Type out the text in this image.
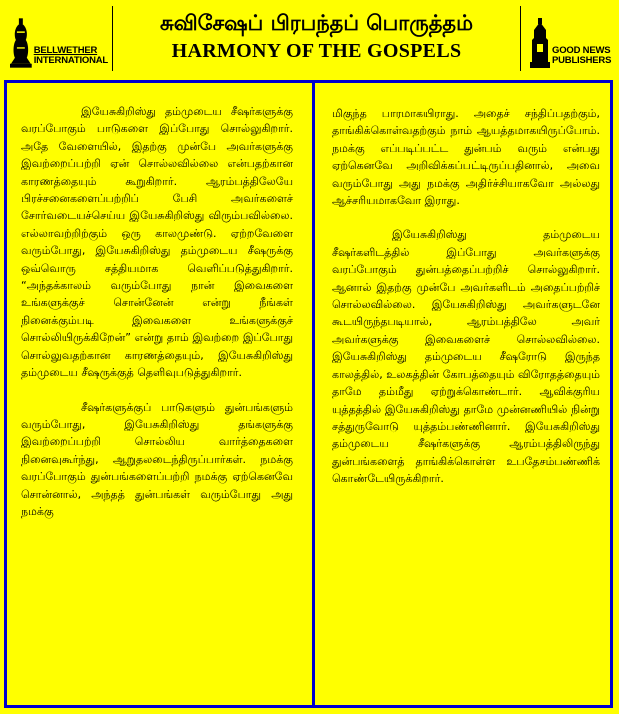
BELLWETHER
INTERNATIONAL
சுவிசேஷப் பிரபந்தப் பொருத்தம்
HARMONY OF THE GOSPELS	GOOD NEWS
PUBLISHERS

இயேசுகிறிஸ்து தம்முடைய சீஷர்களுக்கு வரப்போகும் பாடுகளை இப்போது சொல்லுகிறார். அதே வேளையில், இதற்கு முன்பே அவர்களுக்கு இவற்றைப்பற்றி ஏன் சொல்லவில்லை என்பதற்கான காரணத்தையும் கூறுகிறார். ஆரம்பத்திலேயே பிரச்சனைகளைப்பற்றிப் பேசி அவர்களைச் சோர்வடையச்செய்ய இயேசுகிறிஸ்து விரும்பவில்லை. எல்லாவற்றிற்கும் ஒரு காலமுண்டு. ஏற்றவேளை வரும்போது, இயேசுகிறிஸ்து தம்முடைய சீஷருக்கு ஒவ்வொரு சத்தியமாக வெளிப்படுத்துகிறார். “அந்தக்காலம் வரும்போது நான் இவைகளை உங்களுக்குச் சொன்னேன் என்று நீங்கள் நினைக்கும்படி இவைகளை உங்களுக்குச் சொல்லியிருக்கிறேன்” என்று தாம் இவற்றை இப்போது சொல்லுவதற்கான காரணத்தையும், இயேசுகிறிஸ்து தம்முடைய சீஷருக்குத் தெளிவுபடுத்துகிறார்.

சீஷர்களுக்குப் பாடுகளும் துன்பங்களும் வரும்போது, இயேசுகிறிஸ்து தங்களுக்கு இவற்றைப்பற்றி சொல்லிய வார்த்தைகளை நினைவுகூர்ந்து, ஆறுதலடைந்திருப்பார்கள். நமக்கு வரப்போகும் துன்பங்களைப்பற்றி நமக்கு ஏற்கெனவே சொன்னால், அந்தத் துன்பங்கள் வரும்போது அது நமக்கு

மிகுந்த பாரமாகயிராது. அதைச் சந்திப்பதற்கும், தாங்கிக்கொள்வதற்கும் நாம் ஆயத்தமாகயிருப்போம். நமக்கு எப்படிப்பட்ட துன்பம் வரும் என்பது ஏற்கெனவே அறிவிக்கப்பட்டிருப்பதினால், அவை வரும்போது அது நமக்கு அதிர்ச்சியாகவோ அல்லது ஆச்சரியமாகவோ இராது.

இயேசுகிறிஸ்து தம்முடைய சீஷர்களிடத்தில் இப்போது அவர்களுக்கு வரப்போகும் துன்பத்தைப்பற்றிச் சொல்லுகிறார். ஆனால் இதற்கு முன்பே அவர்களிடம் அதைப்பற்றிச் சொல்லவில்லை. இயேசுகிறிஸ்து அவர்களுடனே கூடயிருந்தபடியால், ஆரம்பத்திலே அவர் அவர்களுக்கு இவைகளைச் சொல்லவில்லை. இயேசுகிறிஸ்து தம்முடைய சீஷரோடு இருந்த காலத்தில், உலகத்தின் கோபத்தையும் விரோதத்தையும் தாமே தம்மீது ஏற்றுக்கொண்டார். ஆவிக்குரிய யுத்தத்தில் இயேசுகிறிஸ்து தாமே முன்னணியில் நின்று சத்துருவோடு யுத்தம்பண்ணினார். இயேசுகிறிஸ்து தம்முடைய சீஷர்களுக்கு ஆரம்பத்திலிருந்து துன்பங்களைத் தாங்கிக்கொள்ள உபதேசம்பண்ணிக் கொண்டேயிருக்கிறார்.
